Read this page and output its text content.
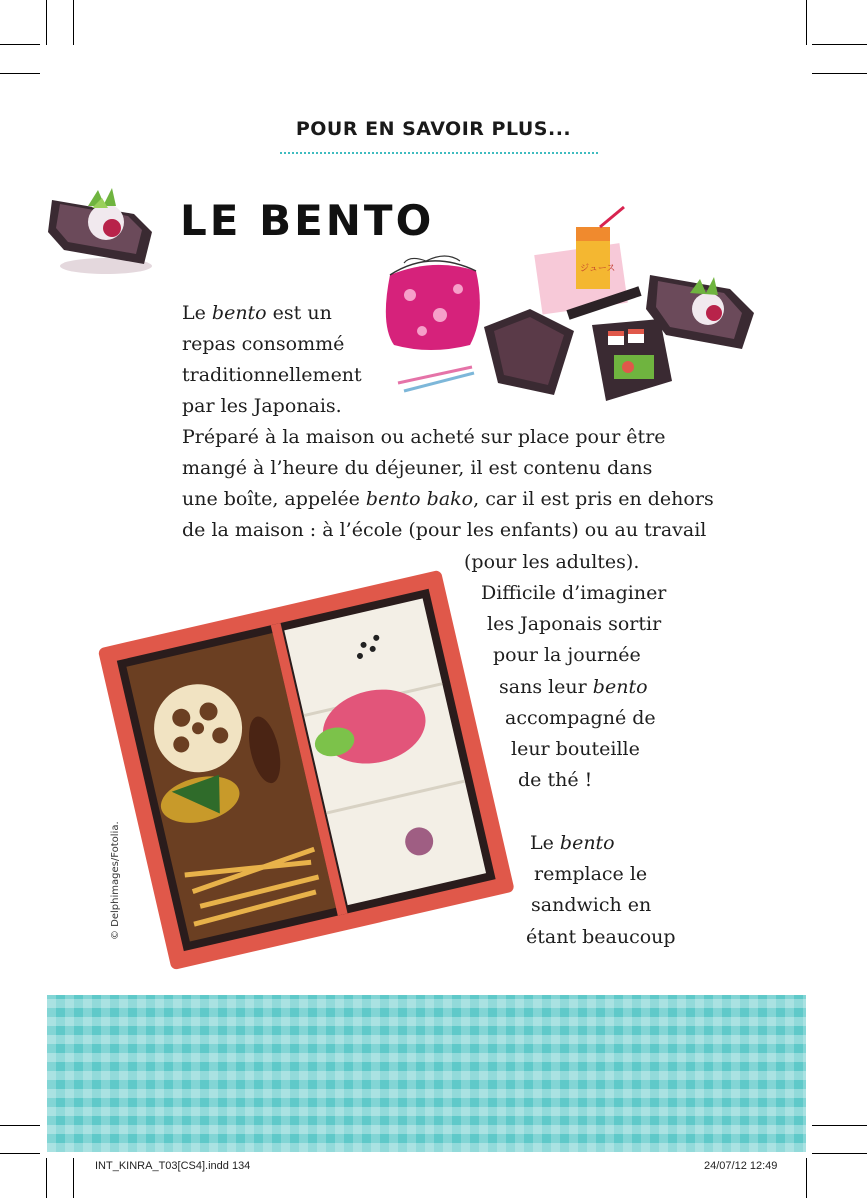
POUR EN SAVOIR PLUS...
LE BENTO
ジュース
Le bento est un
repas consommé
traditionnellement
par les Japonais.
Préparé à la maison ou acheté sur place pour être
mangé à l’heure du déjeuner, il est contenu dans
une boîte, appelée bento bako, car il est pris en dehors
de la maison : à l’école (pour les enfants) ou au travail
(pour les adultes).
Difficile d’imaginer
les Japonais sortir
pour la journée
sans leur bento
accompagné de
leur bouteille
de thé !
Le bento
remplace le
sandwich en
étant beaucoup
© Delphimages/Fotolia.
INT_KINRA_T03[CS4].indd 134	24/07/12 12:49
